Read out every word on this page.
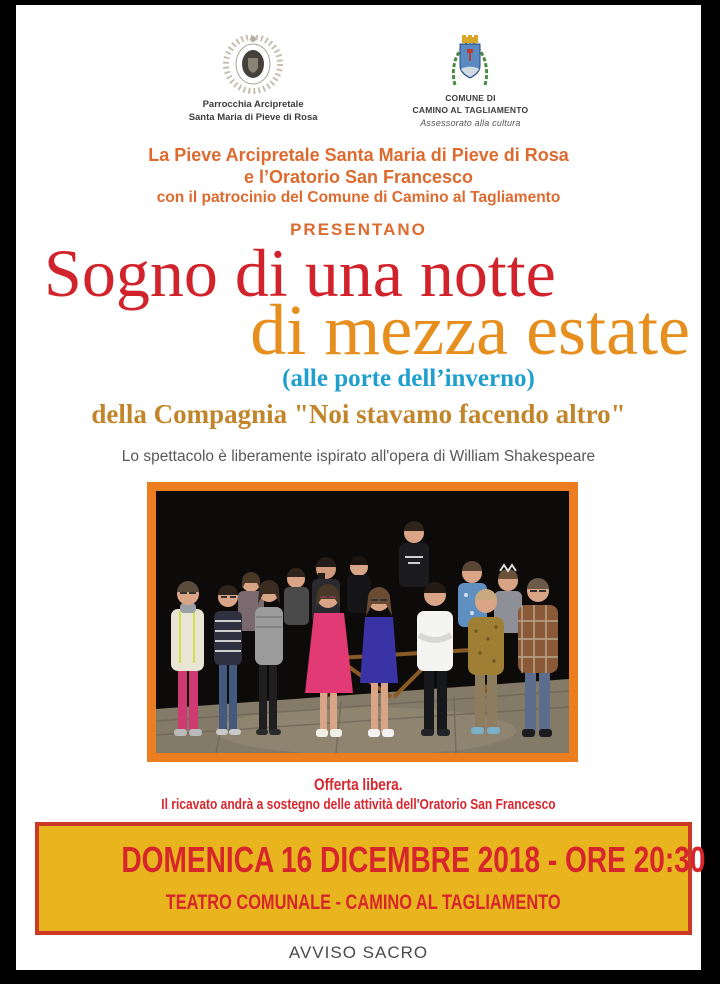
Parrocchia Arcipretale
Santa Maria di Pieve di Rosa
COMUNE DI
CAMINO AL TAGLIAMENTO
Assessorato alla cultura
La Pieve Arcipretale Santa Maria di Pieve di Rosa
e l’Oratorio San Francesco
con il patrocinio del Comune di Camino al Tagliamento
PRESENTANO
Sogno di una notte
di mezza estate
(alle porte dell’inverno)
della Compagnia "Noi stavamo facendo altro"
Lo spettacolo è liberamente ispirato all'opera di William Shakespeare
Offerta libera.
Il ricavato andrà a sostegno delle attività dell'Oratorio San Francesco
DOMENICA 16 DICEMBRE 2018 - ORE 20:30
TEATRO COMUNALE - CAMINO AL TAGLIAMENTO
AVVISO SACRO
